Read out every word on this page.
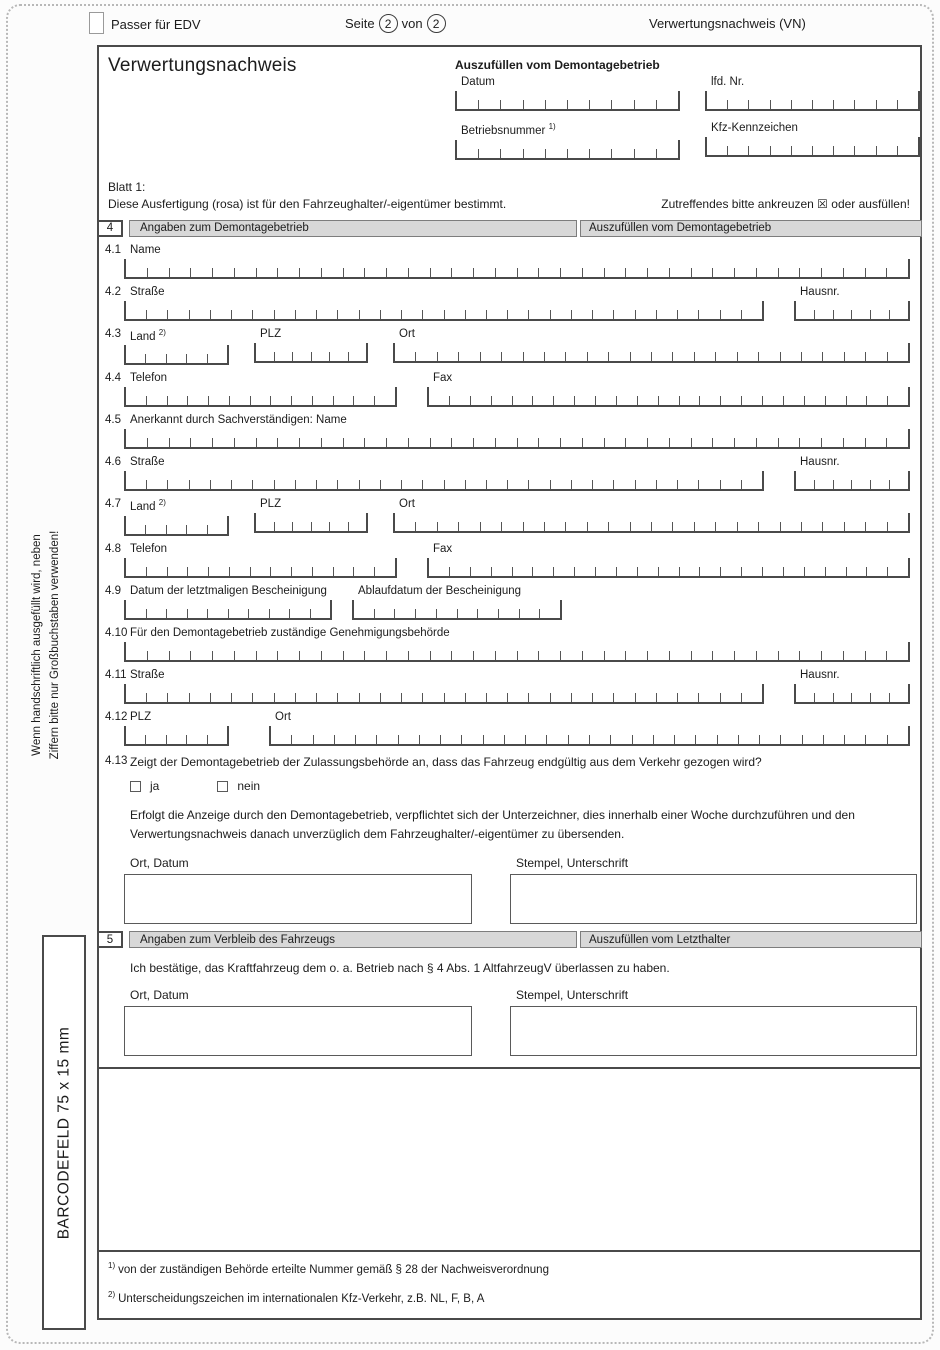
Wenn handschriftlich ausgefüllt wird, neben Ziffern bitte nur Großbuchstaben verwenden!
BARCODEFELD 75 x 15 mm
Passer für EDV	Seite 2 von 2	Verwertungsnachweis (VN)
Verwertungsnachweis	Auszufüllen vom Demontagebetrieb
Datum	lfd. Nr.
Betriebsnummer $^{1)}$	Kfz-Kennzeichen
Blatt 1:
Diese Ausfertigung (rosa) ist für den Fahrzeughalter/-eigentümer bestimmt.	Zutreffendes bitte ankreuzen ☒ oder ausfüllen!
4	Angaben zum Demontagebetrieb	Auszufüllen vom Demontagebetrieb
4.1 Name
4.2 Straße	Hausnr.
4.3 Land $^{2)}$	PLZ	Ort
4.4 Telefon	Fax
4.5 Anerkannt durch Sachverständigen: Name
4.6 Straße	Hausnr.
4.7 Land $^{2)}$	PLZ	Ort
4.8 Telefon	Fax
4.9 Datum der letztmaligen Bescheinigung	Ablaufdatum der Bescheinigung
4.10 Für den Demontagebetrieb zuständige Genehmigungsbehörde
4.11 Straße	Hausnr.
4.12 PLZ	Ort
4.13 Zeigt der Demontagebetrieb der Zulassungsbehörde an, dass das Fahrzeug endgültig aus dem Verkehr gezogen wird?
ja	nein
Erfolgt die Anzeige durch den Demontagebetrieb, verpflichtet sich der Unterzeichner, dies innerhalb einer Woche durchzuführen und den Verwertungsnachweis danach unverzüglich dem Fahrzeughalter/-eigentümer zu übersenden.
Ort, Datum	Stempel, Unterschrift
5	Angaben zum Verbleib des Fahrzeugs	Auszufüllen vom Letzthalter
Ich bestätige, das Kraftfahrzeug dem o. a. Betrieb nach § 4 Abs. 1 AltfahrzeugV überlassen zu haben.
Ort, Datum	Stempel, Unterschrift
$^{1)}$ von der zuständigen Behörde erteilte Nummer gemäß § 28 der Nachweisverordnung
$^{2)}$ Unterscheidungszeichen im internationalen Kfz-Verkehr, z.B. NL, F, B, A
